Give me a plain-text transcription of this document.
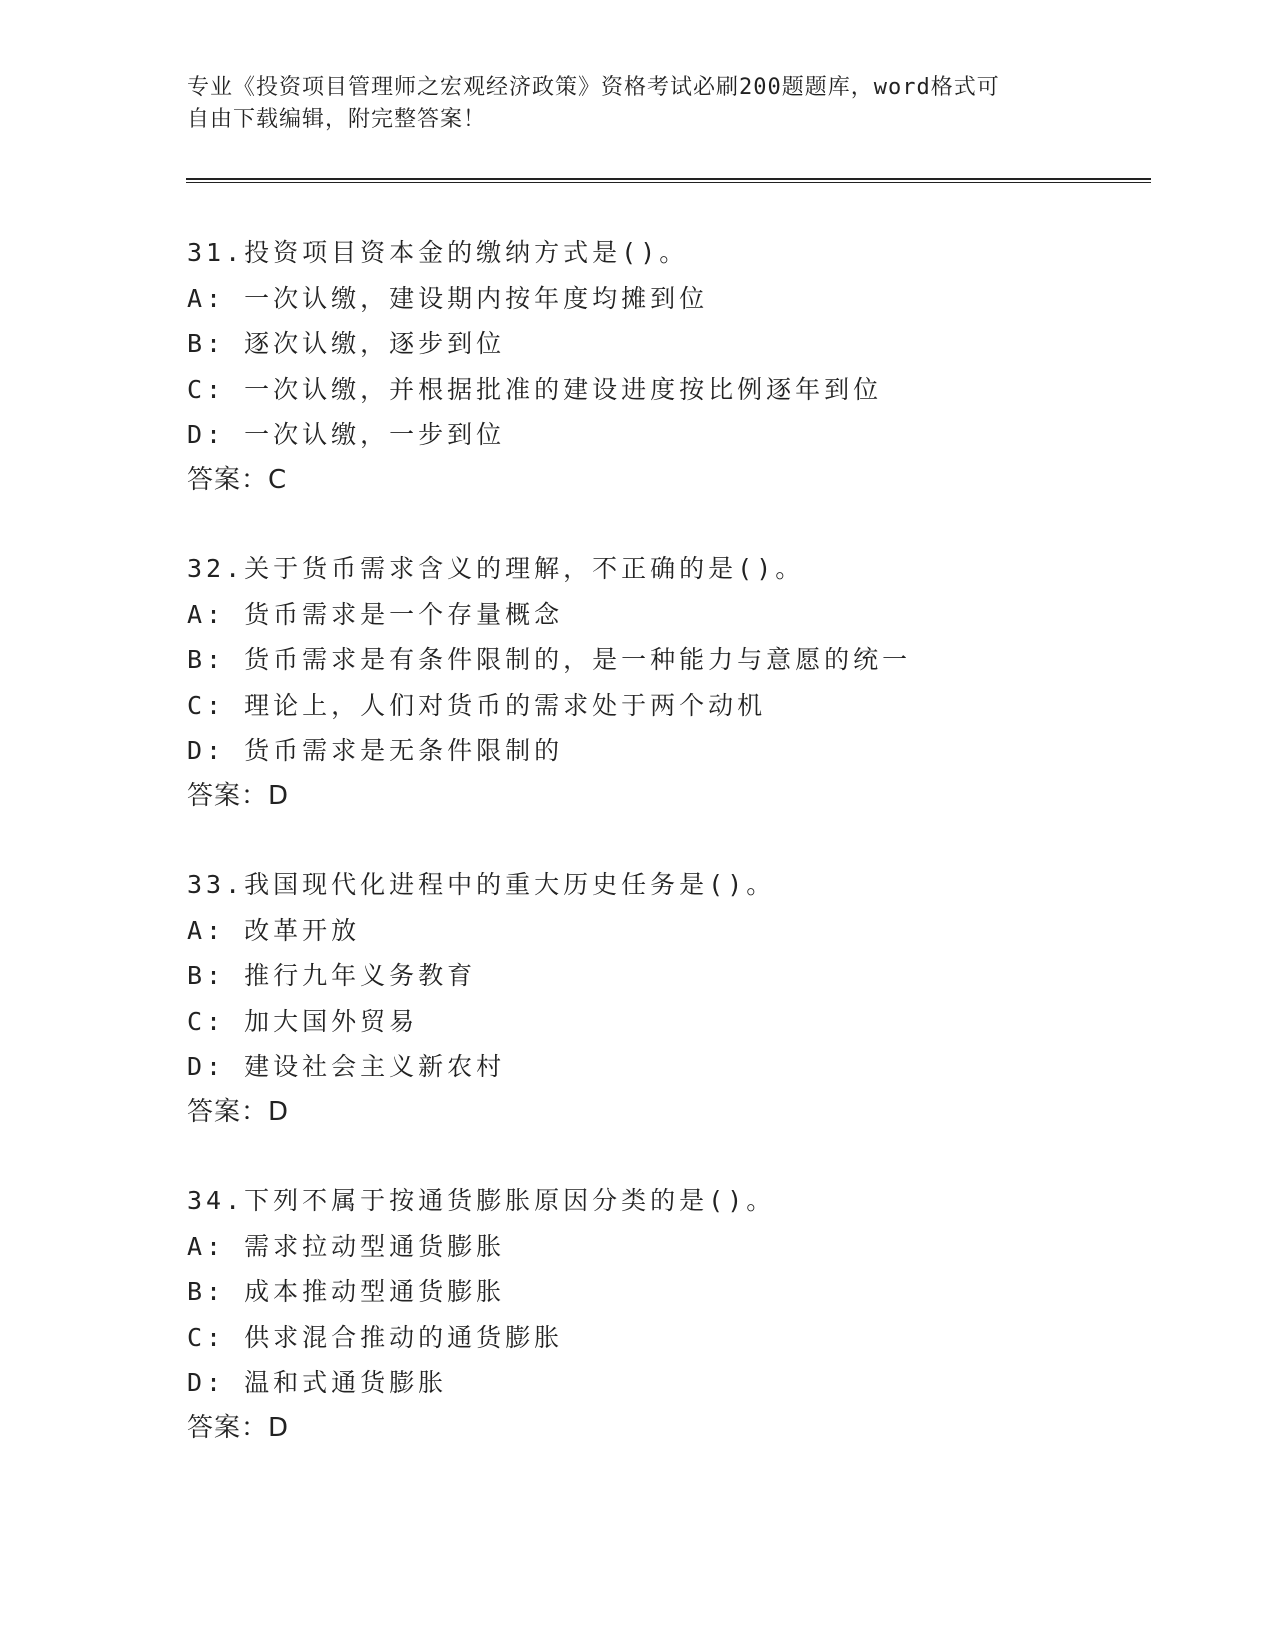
专业《投资项目管理师之宏观经济政策》资格考试必刷200题题库，word格式可
自由下载编辑，附完整答案！
31.投资项目资本金的缴纳方式是()。
A: 一次认缴，建设期内按年度均摊到位
B: 逐次认缴，逐步到位
C: 一次认缴，并根据批准的建设进度按比例逐年到位
D: 一次认缴，一步到位
答案：C
32.关于货币需求含义的理解，不正确的是()。
A: 货币需求是一个存量概念
B: 货币需求是有条件限制的，是一种能力与意愿的统一
C: 理论上，人们对货币的需求处于两个动机
D: 货币需求是无条件限制的
答案：D
33.我国现代化进程中的重大历史任务是()。
A: 改革开放
B: 推行九年义务教育
C: 加大国外贸易
D: 建设社会主义新农村
答案：D
34.下列不属于按通货膨胀原因分类的是()。
A: 需求拉动型通货膨胀
B: 成本推动型通货膨胀
C: 供求混合推动的通货膨胀
D: 温和式通货膨胀
答案：D
